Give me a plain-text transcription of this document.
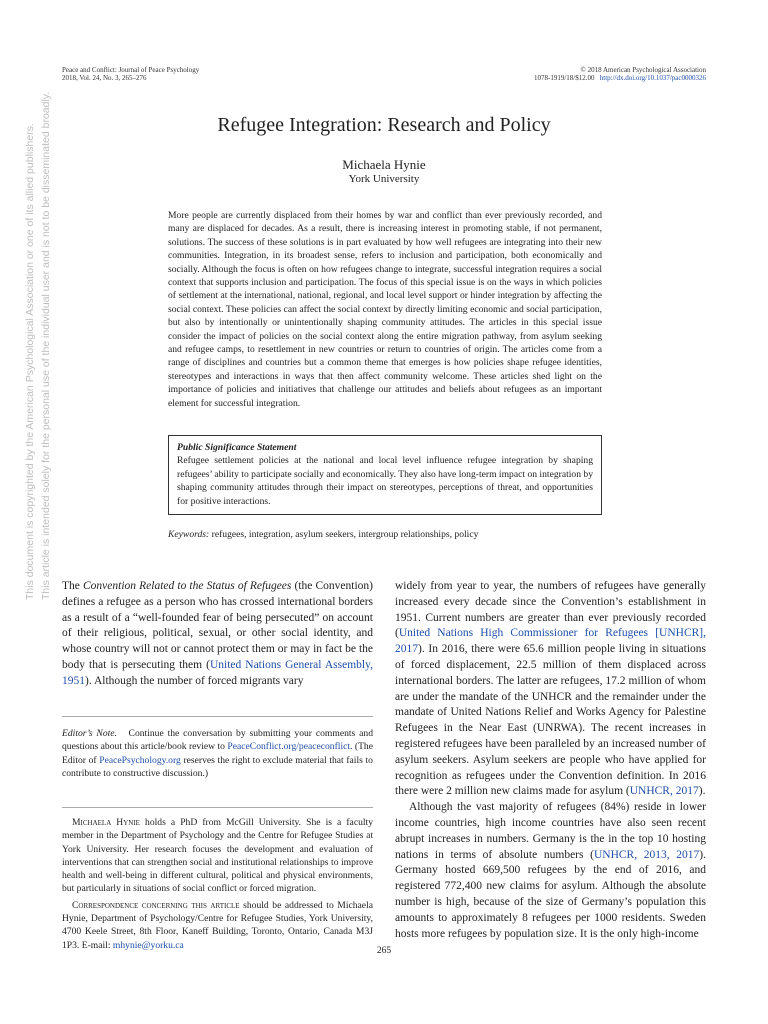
Peace and Conflict: Journal of Peace Psychology
2018, Vol. 24, No. 3, 265–276
© 2018 American Psychological Association
1078-1919/18/$12.00 http://dx.doi.org/10.1037/pac0000326
Refugee Integration: Research and Policy
Michaela Hynie
York University
More people are currently displaced from their homes by war and conflict than ever previously recorded, and many are displaced for decades. As a result, there is increasing interest in promoting stable, if not permanent, solutions. The success of these solutions is in part evaluated by how well refugees are integrating into their new communities. Integration, in its broadest sense, refers to inclusion and participation, both economically and socially. Although the focus is often on how refugees change to integrate, successful integration requires a social context that supports inclusion and participation. The focus of this special issue is on the ways in which policies of settlement at the international, national, regional, and local level support or hinder integration by affecting the social context. These policies can affect the social context by directly limiting economic and social participation, but also by intentionally or unintentionally shaping community attitudes. The articles in this special issue consider the impact of policies on the social context along the entire migration pathway, from asylum seeking and refugee camps, to resettlement in new countries or return to countries of origin. The articles come from a range of disciplines and countries but a common theme that emerges is how policies shape refugee identities, stereotypes and interactions in ways that then affect community welcome. These articles shed light on the importance of policies and initiatives that challenge our attitudes and beliefs about refugees as an important element for successful integration.
Public Significance Statement
Refugee settlement policies at the national and local level influence refugee integration by shaping refugees’ ability to participate socially and economically. They also have long-term impact on integration by shaping community attitudes through their impact on stereotypes, perceptions of threat, and opportunities for positive interactions.
Keywords: refugees, integration, asylum seekers, intergroup relationships, policy

The Convention Related to the Status of Refugees (the Convention) defines a refugee as a person who has crossed international borders as a result of a “well-founded fear of being persecuted” on account of their religious, political, sexual, or other social identity, and whose country will not or cannot protect them or may in fact be the body that is persecuting them (United Nations General Assembly, 1951). Although the number of forced migrants vary

Editor’s Note. Continue the conversation by submitting your comments and questions about this article/book review to PeaceConflict.org/peaceconflict. (The Editor of PeacePsychology.org reserves the right to exclude material that fails to contribute to constructive discussion.)

Michaela Hynie holds a PhD from McGill University. She is a faculty member in the Department of Psychology and the Centre for Refugee Studies at York University. Her research focuses the development and evaluation of interventions that can strengthen social and institutional relationships to improve health and well-being in different cultural, political and physical environments, but particularly in situations of social conflict or forced migration.

Correspondence concerning this article should be addressed to Michaela Hynie, Department of Psychology/Centre for Refugee Studies, York University, 4700 Keele Street, 8th Floor, Kaneff Building, Toronto, Ontario, Canada M3J 1P3. E-mail: mhynie@yorku.ca

widely from year to year, the numbers of refugees have generally increased every decade since the Convention’s establishment in 1951. Current numbers are greater than ever previously recorded (United Nations High Commissioner for Refugees [UNHCR], 2017). In 2016, there were 65.6 million people living in situations of forced displacement, 22.5 million of them displaced across international borders. The latter are refugees, 17.2 million of whom are under the mandate of the UNHCR and the remainder under the mandate of United Nations Relief and Works Agency for Palestine Refugees in the Near East (UNRWA). The recent increases in registered refugees have been paralleled by an increased number of asylum seekers. Asylum seekers are people who have applied for recognition as refugees under the Convention definition. In 2016 there were 2 million new claims made for asylum (UNHCR, 2017).

Although the vast majority of refugees (84%) reside in lower income countries, high income countries have also seen recent abrupt increases in numbers. Germany is the in the top 10 hosting nations in terms of absolute numbers (UNHCR, 2013, 2017). Germany hosted 669,500 refugees by the end of 2016, and registered 772,400 new claims for asylum. Although the absolute number is high, because of the size of Germany’s population this amounts to approximately 8 refugees per 1000 residents. Sweden hosts more refugees by population size. It is the only high-income

265
This document is copyrighted by the American Psychological Association or one of its allied publishers. This article is intended solely for the personal use of the individual user and is not to be disseminated broadly.
